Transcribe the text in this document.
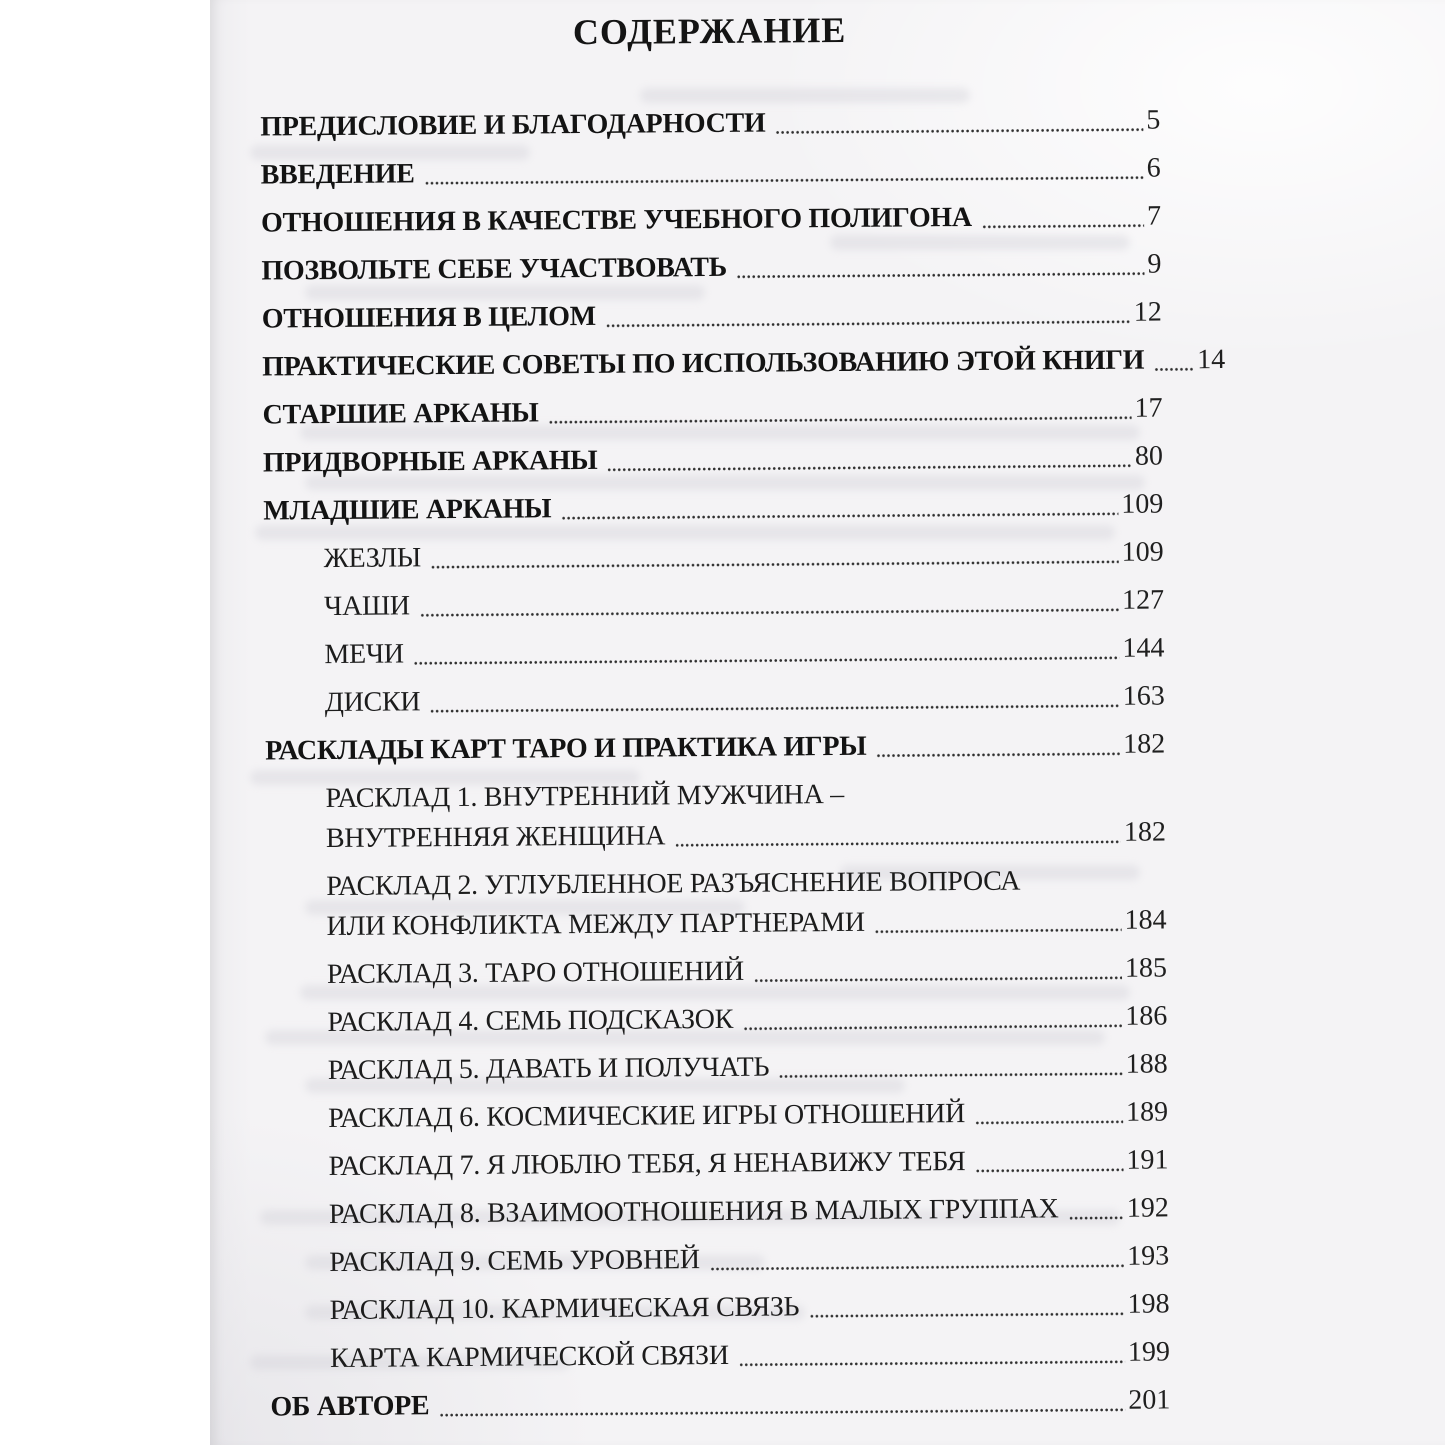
СОДЕРЖАНИЕ
ПРЕДИСЛОВИЕ И БЛАГОДАРНОСТИ	5
ВВЕДЕНИЕ	6
ОТНОШЕНИЯ В КАЧЕСТВЕ УЧЕБНОГО ПОЛИГОНА	7
ПОЗВОЛЬТЕ СЕБЕ УЧАСТВОВАТЬ	9
ОТНОШЕНИЯ В ЦЕЛОМ	12
ПРАКТИЧЕСКИЕ СОВЕТЫ ПО ИСПОЛЬЗОВАНИЮ ЭТОЙ КНИГИ 14
СТАРШИЕ АРКАНЫ	17
ПРИДВОРНЫЕ АРКАНЫ	80
МЛАДШИЕ АРКАНЫ	109
ЖЕЗЛЫ	109
ЧАШИ	127
МЕЧИ	144
ДИСКИ	163
РАСКЛАДЫ КАРТ ТАРО И ПРАКТИКА ИГРЫ	182
РАСКЛАД 1. ВНУТРЕННИЙ МУЖЧИНА –
ВНУТРЕННЯЯ ЖЕНЩИНА	182
РАСКЛАД 2. УГЛУБЛЕННОЕ РАЗЪЯСНЕНИЕ ВОПРОСА
ИЛИ КОНФЛИКТА МЕЖДУ ПАРТНЕРАМИ	184
РАСКЛАД 3. ТАРО ОТНОШЕНИЙ	185
РАСКЛАД 4. СЕМЬ ПОДСКАЗОК	186
РАСКЛАД 5. ДАВАТЬ И ПОЛУЧАТЬ	188
РАСКЛАД 6. КОСМИЧЕСКИЕ ИГРЫ ОТНОШЕНИЙ	189
РАСКЛАД 7. Я ЛЮБЛЮ ТЕБЯ, Я НЕНАВИЖУ ТЕБЯ	191
РАСКЛАД 8. ВЗАИМООТНОШЕНИЯ В МАЛЫХ ГРУППАХ 192
РАСКЛАД 9. СЕМЬ УРОВНЕЙ	193
РАСКЛАД 10. КАРМИЧЕСКАЯ СВЯЗЬ	198
КАРТА КАРМИЧЕСКОЙ СВЯЗИ	199
ОБ АВТОРЕ	201
